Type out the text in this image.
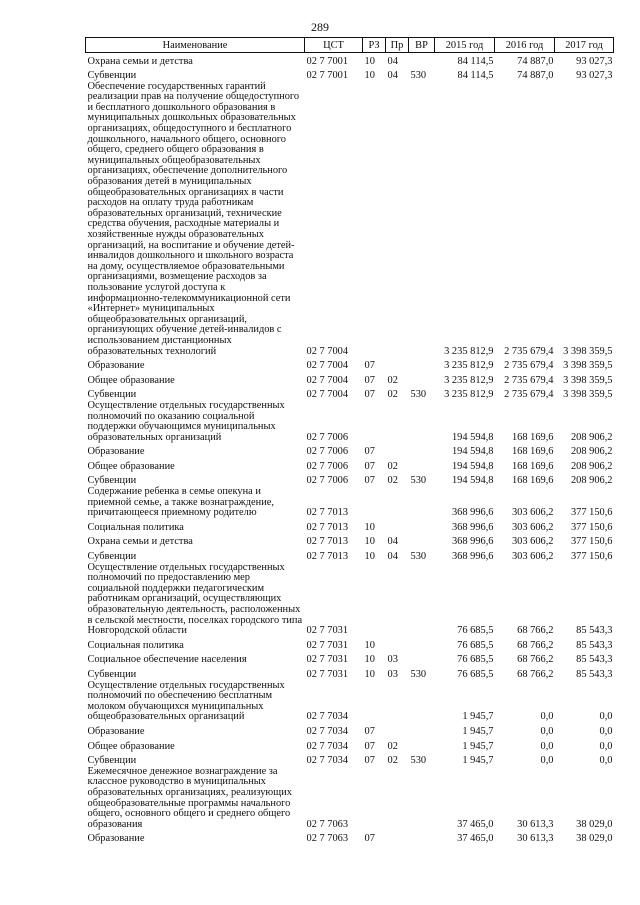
289
Наименование	ЦСТ	РЗ	Пр	ВР	2015 год	2016 год	2017 год
Охрана семьи и детства	02 7 7001	10	04		84 114,5	74 887,0	93 027,3
Субвенции	02 7 7001	10	04	530	84 114,5	74 887,0	93 027,3
Обеспечение государственных гарантий реализации прав на получение общедоступного и бесплатного дошкольного образования в муниципальных дошкольных образовательных организациях, общедоступного и бесплатного дошкольного, начального общего, основного общего, среднего общего образования в муниципальных общеобразовательных организациях, обеспечение дополнительного образования детей в муниципальных общеобразовательных организациях в части расходов на оплату труда работникам образовательных организаций, технические средства обучения, расходные материалы и хозяйственные нужды образовательных организаций, на воспитание и обучение детей-инвалидов дошкольного и школьного возраста на дому, осуществляемое образовательными организациями, возмещение расходов за пользование услугой доступа к информационно-телекоммуникационной сети «Интернет» муниципальных общеобразовательных организаций, организующих обучение детей-инвалидов с использованием дистанционных образовательных технологий	02 7 7004				3 235 812,9	2 735 679,4	3 398 359,5
Образование	02 7 7004	07			3 235 812,9	2 735 679,4	3 398 359,5
Общее образование	02 7 7004	07	02		3 235 812,9	2 735 679,4	3 398 359,5
Субвенции	02 7 7004	07	02	530	3 235 812,9	2 735 679,4	3 398 359,5
Осуществление отдельных государственных полномочий по оказанию социальной поддержки обучающимся муниципальных образовательных организаций	02 7 7006				194 594,8	168 169,6	208 906,2
Образование	02 7 7006	07			194 594,8	168 169,6	208 906,2
Общее образование	02 7 7006	07	02		194 594,8	168 169,6	208 906,2
Субвенции	02 7 7006	07	02	530	194 594,8	168 169,6	208 906,2
Содержание ребенка в семье опекуна и приемной семье, а также вознаграждение, причитающееся приемному родителю	02 7 7013				368 996,6	303 606,2	377 150,6
Социальная политика	02 7 7013	10			368 996,6	303 606,2	377 150,6
Охрана семьи и детства	02 7 7013	10	04		368 996,6	303 606,2	377 150,6
Субвенции	02 7 7013	10	04	530	368 996,6	303 606,2	377 150,6
Осуществление отдельных государственных полномочий по предоставлению мер социальной поддержки педагогическим работникам организаций, осуществляющих образовательную деятельность, расположенных в сельской местности, поселках городского типа Новгородской области	02 7 7031				76 685,5	68 766,2	85 543,3
Социальная политика	02 7 7031	10			76 685,5	68 766,2	85 543,3
Социальное обеспечение населения	02 7 7031	10	03		76 685,5	68 766,2	85 543,3
Субвенции	02 7 7031	10	03	530	76 685,5	68 766,2	85 543,3
Осуществление отдельных государственных полномочий по обеспечению бесплатным молоком обучающихся муниципальных общеобразовательных организаций	02 7 7034				1 945,7	0,0	0,0
Образование	02 7 7034	07			1 945,7	0,0	0,0
Общее образование	02 7 7034	07	02		1 945,7	0,0	0,0
Субвенции	02 7 7034	07	02	530	1 945,7	0,0	0,0
Ежемесячное денежное вознаграждение за классное руководство в муниципальных образовательных организациях, реализующих общеобразовательные программы начального общего, основного общего и среднего общего образования	02 7 7063				37 465,0	30 613,3	38 029,0
Образование	02 7 7063	07			37 465,0	30 613,3	38 029,0
